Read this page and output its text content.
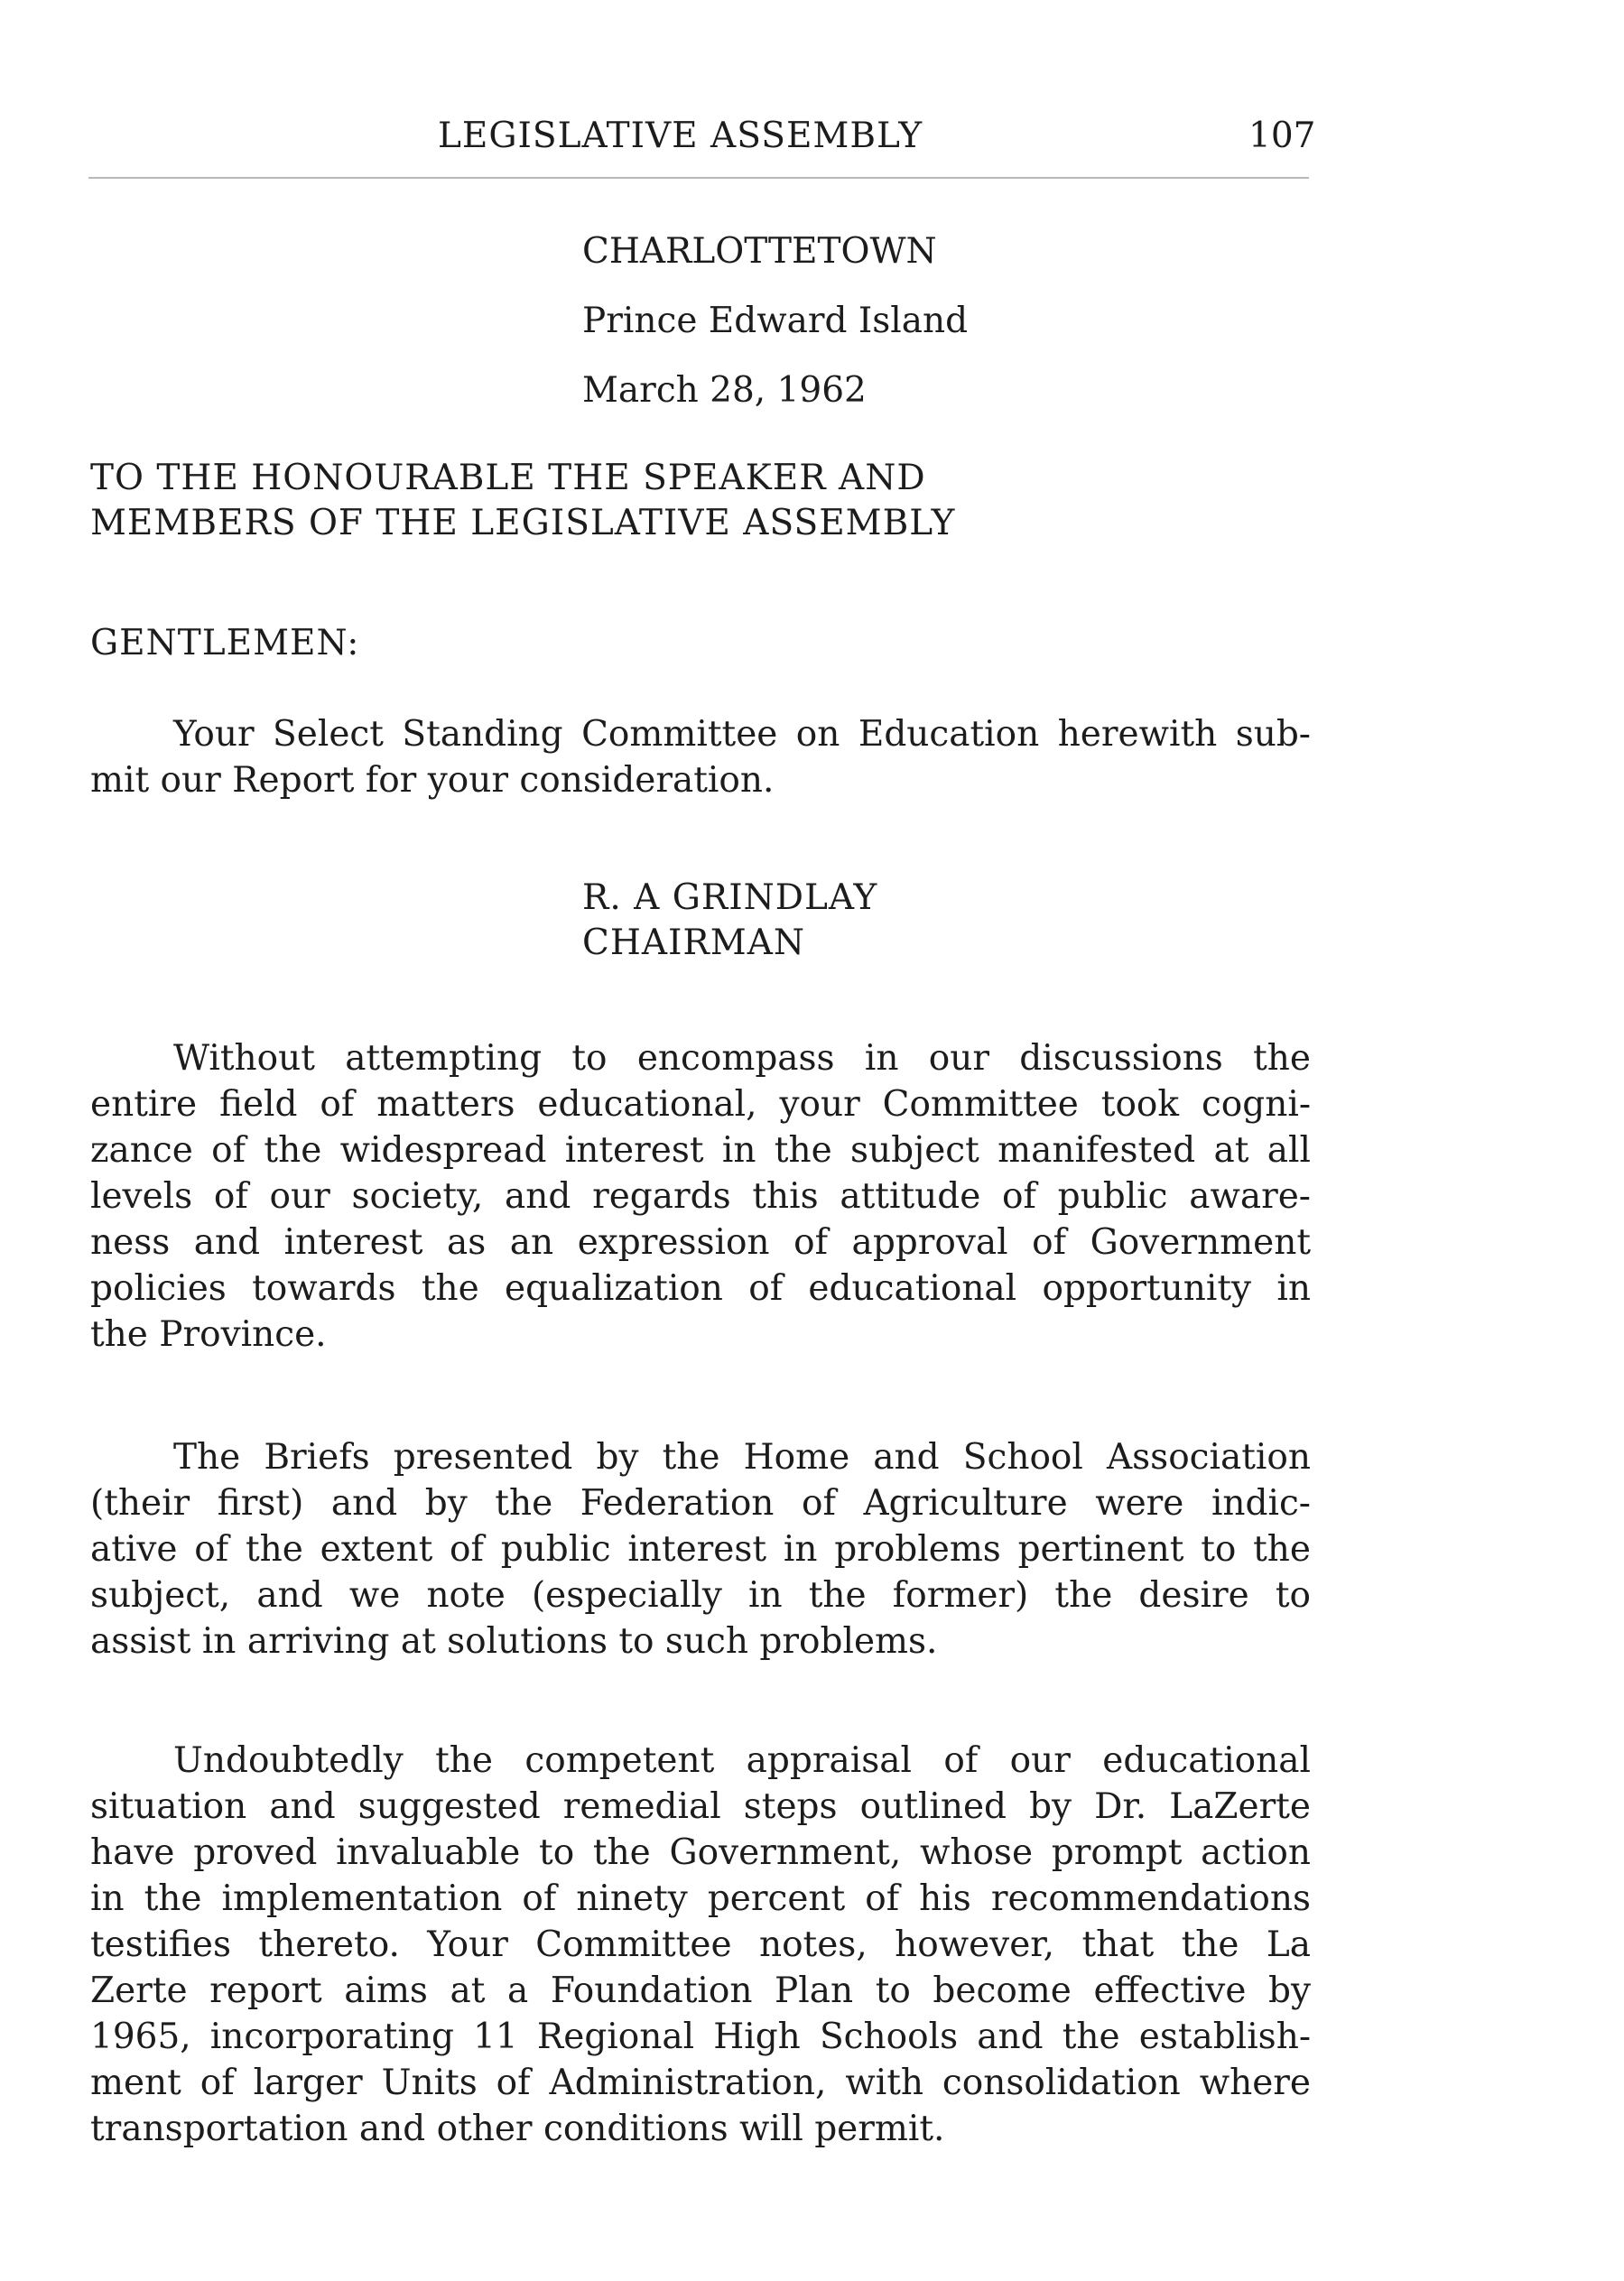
LEGISLATIVE ASSEMBLY	107

CHARLOTTETOWN

Prince Edward Island

March 28, 1962

TO THE HONOURABLE THE SPEAKER AND

MEMBERS OF THE LEGISLATIVE ASSEMBLY

GENTLEMEN:

Your Select Standing Committee on Education herewith sub-
mit our Report for your consideration.

R. A GRINDLAY

CHAIRMAN

Without attempting to encompass in our discussions the
entire field of matters educational, your Committee took cogni-
zance of the widespread interest in the subject manifested at all
levels of our society, and regards this attitude of public aware-
ness and interest as an expression of approval of Government
policies towards the equalization of educational opportunity in
the Province.
The Briefs presented by the Home and School Association
(their first) and by the Federation of Agriculture were indic-
ative of the extent of public interest in problems pertinent to the
subject, and we note (especially in the former) the desire to
assist in arriving at solutions to such problems.
Undoubtedly the competent appraisal of our educational
situation and suggested remedial steps outlined by Dr. LaZerte
have proved invaluable to the Government, whose prompt action
in the implementation of ninety percent of his recommendations
testifies thereto. Your Committee notes, however, that the La
Zerte report aims at a Foundation Plan to become effective by
1965, incorporating 11 Regional High Schools and the establish-
ment of larger Units of Administration, with consolidation where
transportation and other conditions will permit.
